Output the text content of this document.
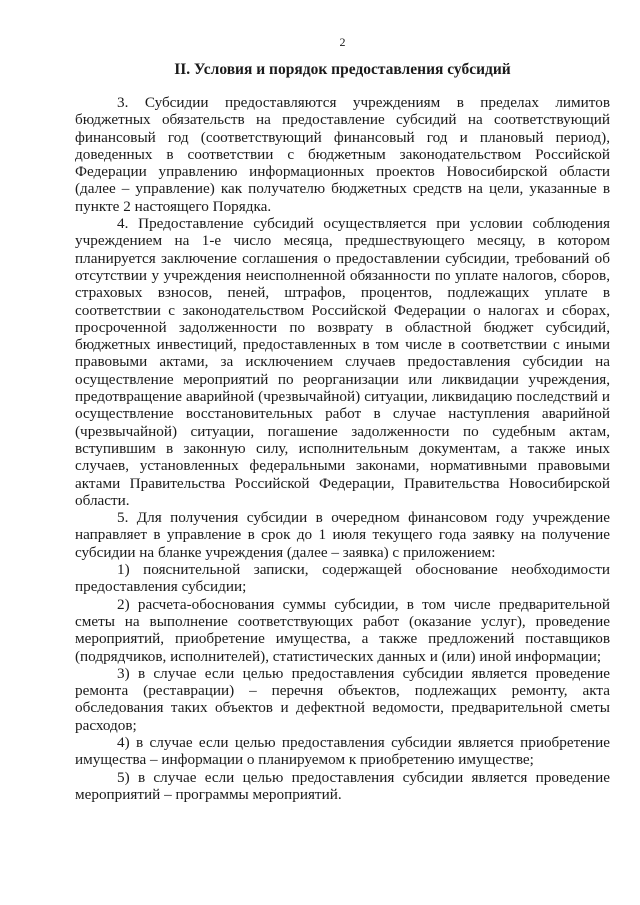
2
II. Условия и порядок предоставления субсидий

3. Субсидии предоставляются учреждениям в пределах лимитов бюджетных обязательств на предоставление субсидий на соответствующий финансовый год (соответствующий финансовый год и плановый период), доведенных в соответствии с бюджетным законодательством Российской Федерации управлению информационных проектов Новосибирской области (далее – управление) как получателю бюджетных средств на цели, указанные в пункте 2 настоящего Порядка.

4. Предоставление субсидий осуществляется при условии соблюдения учреждением на 1-е число месяца, предшествующего месяцу, в котором планируется заключение соглашения о предоставлении субсидии, требований об отсутствии у учреждения неисполненной обязанности по уплате налогов, сборов, страховых взносов, пеней, штрафов, процентов, подлежащих уплате в соответствии с законодательством Российской Федерации о налогах и сборах, просроченной задолженности по возврату в областной бюджет субсидий, бюджетных инвестиций, предоставленных в том числе в соответствии с иными правовыми актами, за исключением случаев предоставления субсидии на осуществление мероприятий по реорганизации или ликвидации учреждения, предотвращение аварийной (чрезвычайной) ситуации, ликвидацию последствий и осуществление восстановительных работ в случае наступления аварийной (чрезвычайной) ситуации, погашение задолженности по судебным актам, вступившим в законную силу, исполнительным документам, а также иных случаев, установленных федеральными законами, нормативными правовыми актами Правительства Российской Федерации, Правительства Новосибирской области.

5. Для получения субсидии в очередном финансовом году учреждение направляет в управление в срок до 1 июля текущего года заявку на получение субсидии на бланке учреждения (далее – заявка) с приложением:

1) пояснительной записки, содержащей обоснование необходимости предоставления субсидии;

2) расчета-обоснования суммы субсидии, в том числе предварительной сметы на выполнение соответствующих работ (оказание услуг), проведение мероприятий, приобретение имущества, а также предложений поставщиков (подрядчиков, исполнителей), статистических данных и (или) иной информации;

3) в случае если целью предоставления субсидии является проведение ремонта (реставрации) – перечня объектов, подлежащих ремонту, акта обследования таких объектов и дефектной ведомости, предварительной сметы расходов;

4) в случае если целью предоставления субсидии является приобретение имущества – информации о планируемом к приобретению имуществе;

5) в случае если целью предоставления субсидии является проведение мероприятий – программы мероприятий.
